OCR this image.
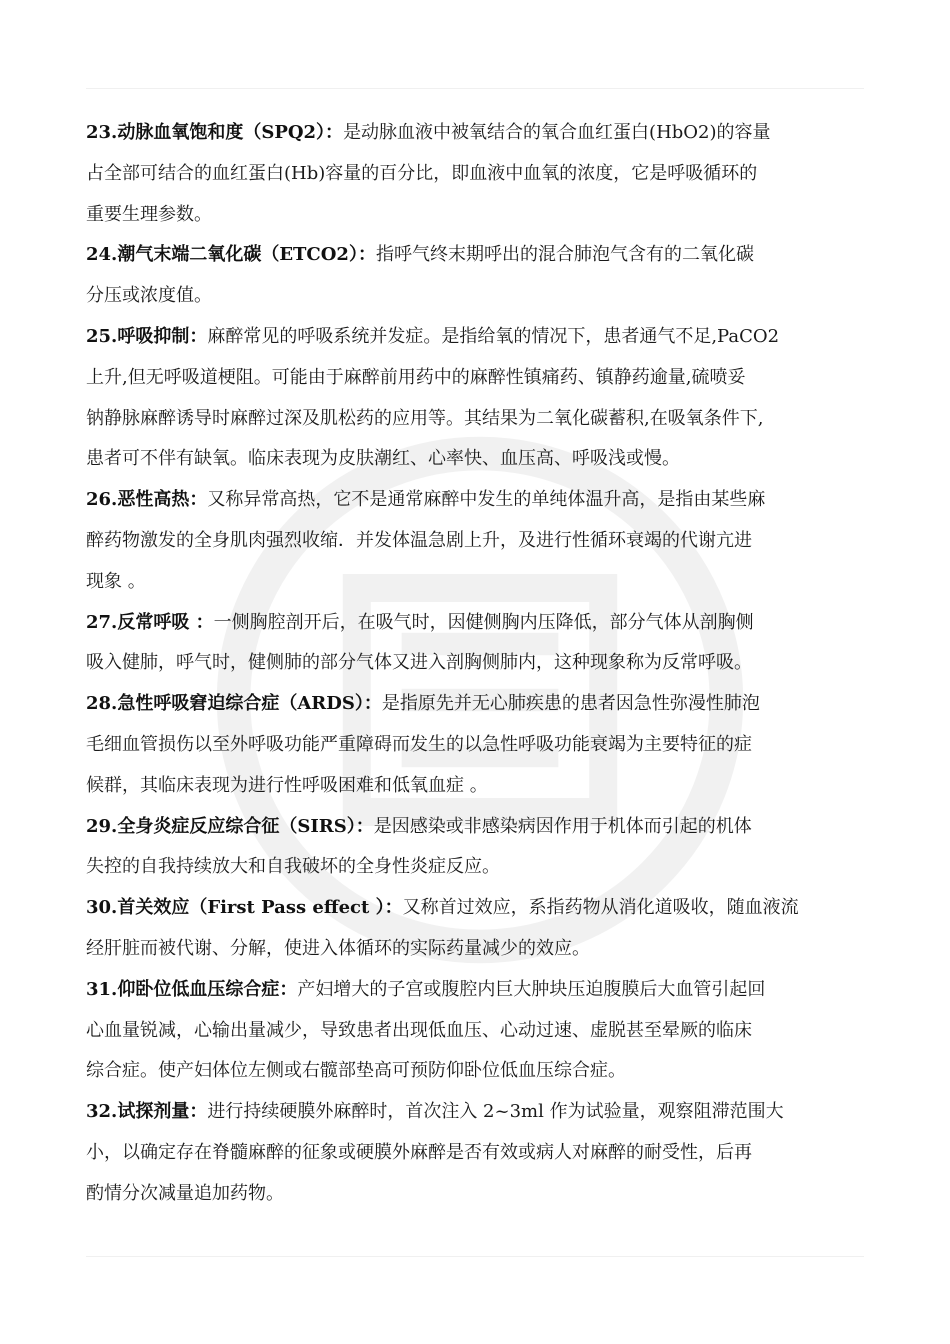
23.动脉血氧饱和度（SPQ2）：是动脉血液中被氧结合的氧合血红蛋白(HbO2)的容量
占全部可结合的血红蛋白(Hb)容量的百分比，即血液中血氧的浓度，它是呼吸循环的
重要生理参数。
24.潮气末端二氧化碳（ETCO2）：指呼气终末期呼出的混合肺泡气含有的二氧化碳
分压或浓度值。
25.呼吸抑制：麻醉常见的呼吸系统并发症。是指给氧的情况下，患者通气不足,PaCO2
上升,但无呼吸道梗阻。可能由于麻醉前用药中的麻醉性镇痛药、镇静药逾量,硫喷妥
钠静脉麻醉诱导时麻醉过深及肌松药的应用等。其结果为二氧化碳蓄积,在吸氧条件下,
患者可不伴有缺氧。临床表现为皮肤潮红、心率快、血压高、呼吸浅或慢。
26.恶性高热：又称异常高热，它不是通常麻醉中发生的单纯体温升高，是指由某些麻
醉药物激发的全身肌肉强烈收缩．并发体温急剧上升，及进行性循环衰竭的代谢亢进
现象 。
27.反常呼吸 ：一侧胸腔剖开后，在吸气时，因健侧胸内压降低，部分气体从剖胸侧
吸入健肺，呼气时，健侧肺的部分气体又进入剖胸侧肺内，这种现象称为反常呼吸。
28.急性呼吸窘迫综合症（ARDS）：是指原先并无心肺疾患的患者因急性弥漫性肺泡
毛细血管损伤以至外呼吸功能严重障碍而发生的以急性呼吸功能衰竭为主要特征的症
候群，其临床表现为进行性呼吸困难和低氧血症 。
29.全身炎症反应综合征（SIRS）：是因感染或非感染病因作用于机体而引起的机体
失控的自我持续放大和自我破坏的全身性炎症反应。
30.首关效应（First Pass effect ）：又称首过效应，系指药物从消化道吸收，随血液流
经肝脏而被代谢、分解，使进入体循环的实际药量减少的效应。
31.仰卧位低血压综合症：产妇增大的子宫或腹腔内巨大肿块压迫腹膜后大血管引起回
心血量锐减，心输出量减少，导致患者出现低血压、心动过速、虚脱甚至晕厥的临床
综合症。使产妇体位左侧或右髋部垫高可预防仰卧位低血压综合症。
32.试探剂量：进行持续硬膜外麻醉时，首次注入 2~3ml 作为试验量，观察阻滞范围大
小，以确定存在脊髓麻醉的征象或硬膜外麻醉是否有效或病人对麻醉的耐受性，后再
酌情分次减量追加药物。
